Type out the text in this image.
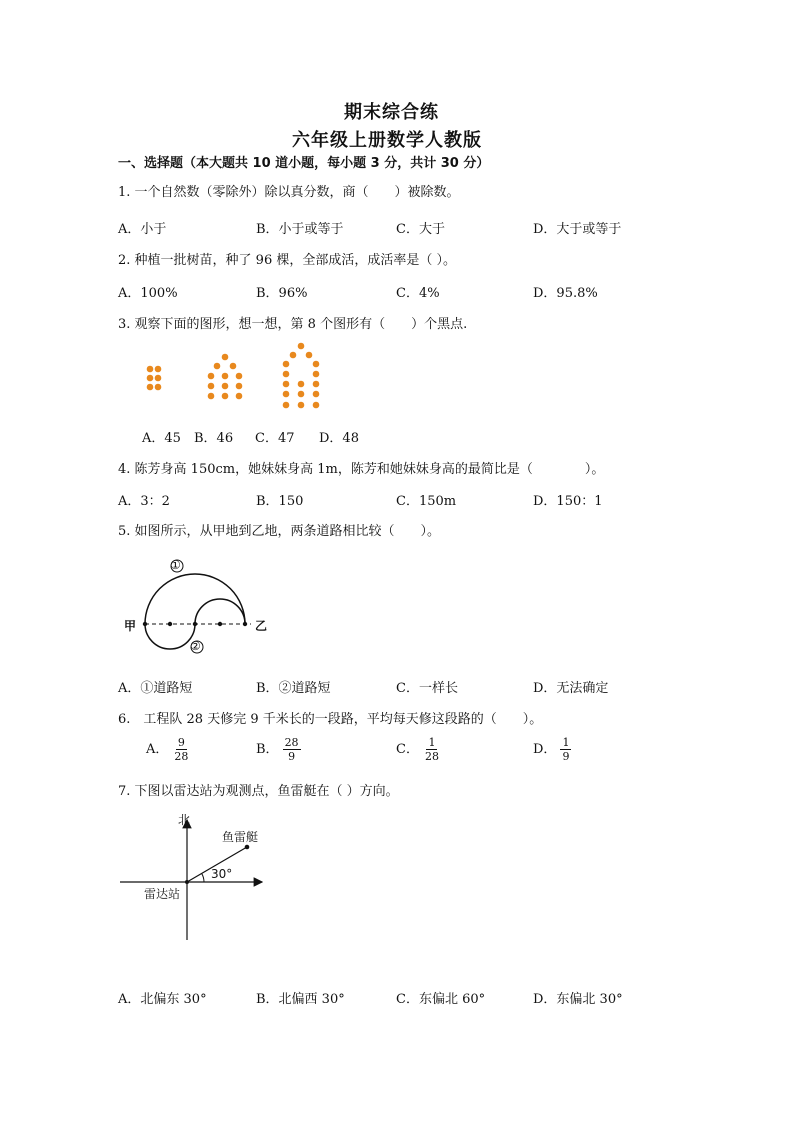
期末综合练
六年级上册数学人教版
一、选择题（本大题共 10 道小题，每小题 3 分，共计 30 分）
1. 一个自然数（零除外）除以真分数，商（　　）被除数。
A．小于	B．小于或等于	C．大于	D．大于或等于
2. 种植一批树苗，种了 96 棵，全部成活，成活率是（ ）。
A．100%	B．96%	C．4%	D．95.8%
3. 观察下面的图形，想一想，第 8 个图形有（　　）个黑点.
A．45 B．46 C．47 D．48
4. 陈芳身高 150cm，她妹妹身高 1m，陈芳和她妹妹身高的最简比是（　　　　）。
A．3：2	B．150	C．150m	D．150：1
5. 如图所示，从甲地到乙地，两条道路相比较（　　）。
①
②
甲	乙
A．①道路短	B．②道路短	C．一样长	D．无法确定
6.　工程队 28 天修完 9 千米长的一段路，平均每天修这段路的（　　）。
A． $\frac{9}{28}$	B． $\frac{28}{9}$	C． $\frac{1}{28}$	D． $\frac{1}{9}$
7. 下图以雷达站为观测点，鱼雷艇在（ ）方向。
北
鱼雷艇
30°
雷达站
A．北偏东 30°	B．北偏西 30°	C．东偏北 60°	D．东偏北 30°
